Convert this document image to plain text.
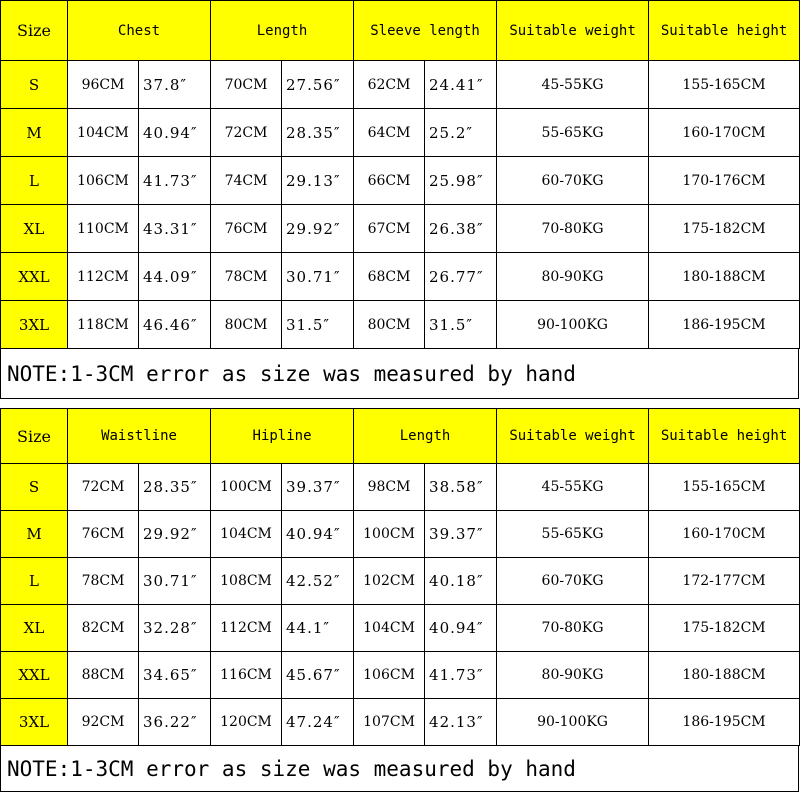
Size	Chest		Length		Sleeve length		Suitable weight	Suitable height
S	96CM	37.8″	70CM	27.56″	62CM	24.41″	45-55KG	155-165CM
M	104CM	40.94″	72CM	28.35″	64CM	25.2″	55-65KG	160-170CM
L	106CM	41.73″	74CM	29.13″	66CM	25.98″	60-70KG	170-176CM
XL	110CM	43.31″	76CM	29.92″	67CM	26.38″	70-80KG	175-182CM
XXL	112CM	44.09″	78CM	30.71″	68CM	26.77″	80-90KG	180-188CM
3XL	118CM	46.46″	80CM	31.5″	80CM	31.5″	90-100KG	186-195CM
NOTE:1-3CM error as size was measured by hand
Size	Waistline		Hipline		Length		Suitable weight	Suitable height
S	72CM	28.35″	100CM	39.37″	98CM	38.58″	45-55KG	155-165CM
M	76CM	29.92″	104CM	40.94″	100CM	39.37″	55-65KG	160-170CM
L	78CM	30.71″	108CM	42.52″	102CM	40.18″	60-70KG	172-177CM
XL	82CM	32.28″	112CM	44.1″	104CM	40.94″	70-80KG	175-182CM
XXL	88CM	34.65″	116CM	45.67″	106CM	41.73″	80-90KG	180-188CM
3XL	92CM	36.22″	120CM	47.24″	107CM	42.13″	90-100KG	186-195CM
NOTE:1-3CM error as size was measured by hand
